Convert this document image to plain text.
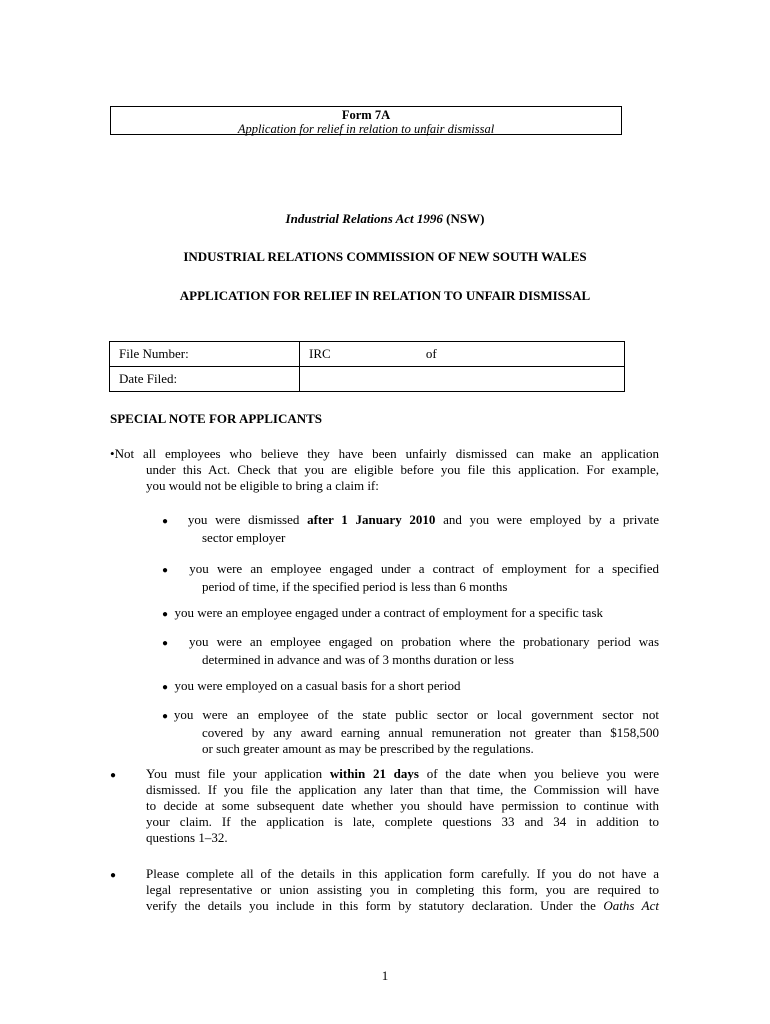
Form 7A
Application for relief in relation to unfair dismissal
Industrial Relations Act 1996 (NSW)
INDUSTRIAL RELATIONS COMMISSION OF NEW SOUTH WALES
APPLICATION FOR RELIEF IN RELATION TO UNFAIR DISMISSAL
File Number:	IRC of
Date Filed:	
SPECIAL NOTE FOR APPLICANTS
•Not all employees who believe they have been unfairly dismissed can make an application
under this Act. Check that you are eligible before you file this application. For example,
you would not be eligible to bring a claim if:
● you were dismissed after 1 January 2010 and you were employed by a private
sector employer
● you were an employee engaged under a contract of employment for a specified
period of time, if the specified period is less than 6 months
● you were an employee engaged under a contract of employment for a specific task
● you were an employee engaged on probation where the probationary period was
determined in advance and was of 3 months duration or less
● you were employed on a casual basis for a short period
●you were an employee of the state public sector or local government sector not
covered by any award earning annual remuneration not greater than $158,500
or such greater amount as may be prescribed by the regulations.
● You must file your application within 21 days of the date when you believe you were
dismissed. If you file the application any later than that time, the Commission will have
to decide at some subsequent date whether you should have permission to continue with
your claim. If the application is late, complete questions 33 and 34 in addition to
questions 1–32.
● Please complete all of the details in this application form carefully. If you do not have a
legal representative or union assisting you in completing this form, you are required to
verify the details you include in this form by statutory declaration. Under the Oaths Act
1
